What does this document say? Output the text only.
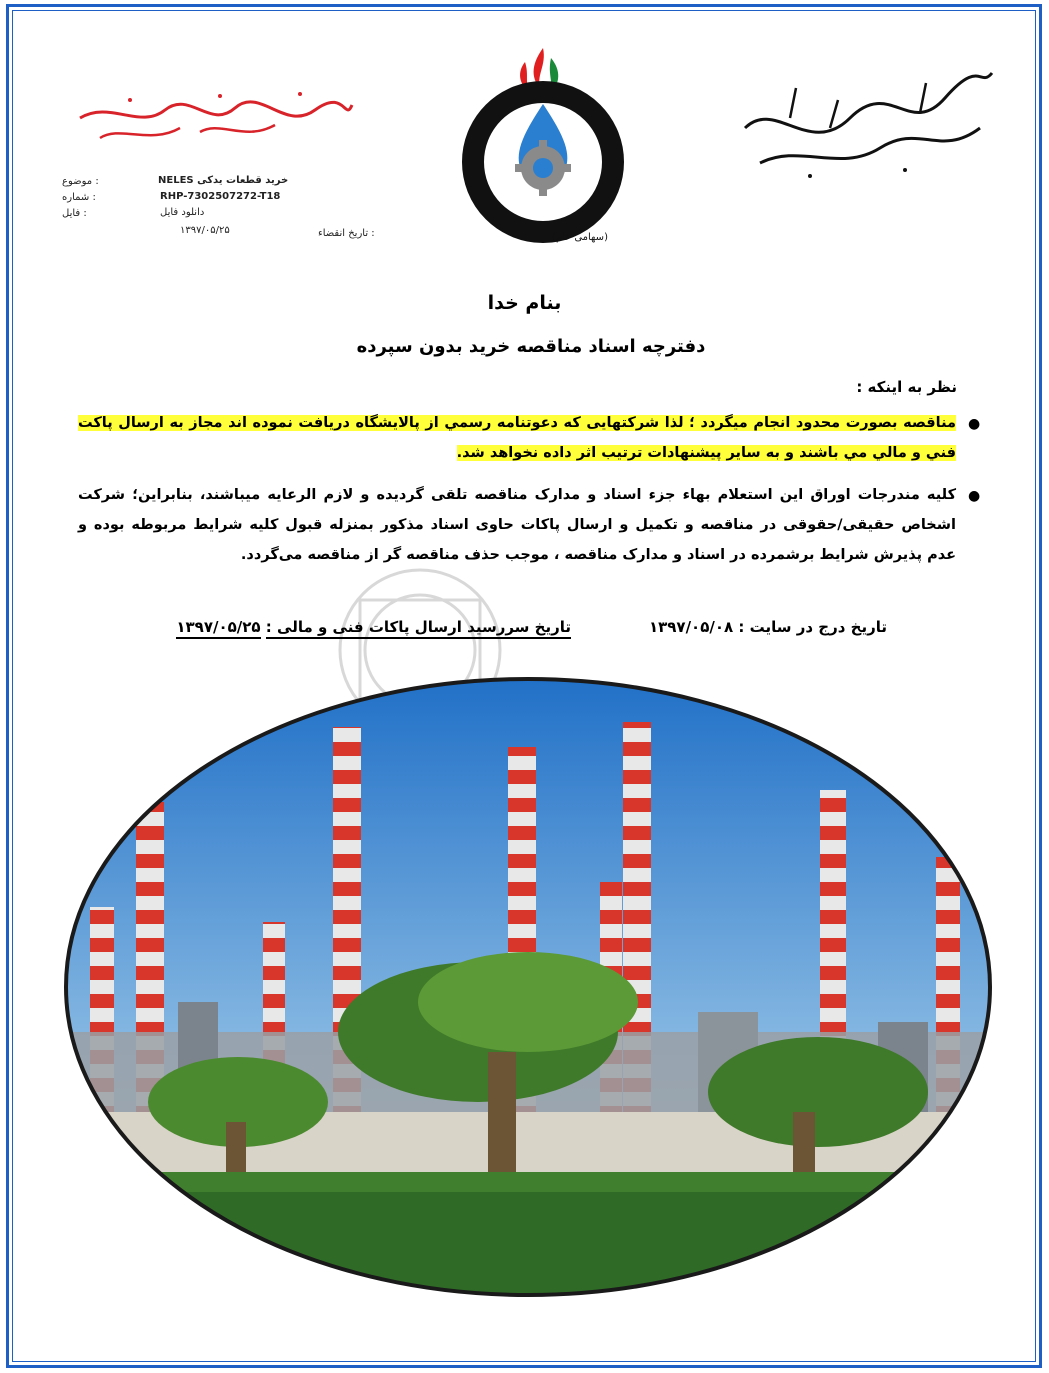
B.O.R.C
(سهامی عام)
موضوع :	NELES خرید قطعات یدکی
شماره :	RHP-7302507272-T18
فایل :	دانلود فایل
تاریخ انقضاء :
۱۳۹۷/۰۵/۲۵
بنام خدا
دفترچه اسناد مناقصه خرید بدون سپرده
نظر به اینکه :
●
مناقصه بصورت محدود انجام میگردد ؛ لذا شرکتهایی که دعوتنامه رسمي از پالايشگاه دریافت نموده اند مجاز به ارسال پاکت فني و مالي مي باشند و به سایر پیشنهادات ترتیب اثر داده نخواهد شد.
●
کلیه مندرجات اوراق این استعلام بهاء جزء اسناد و مدارک مناقصه تلقی گردیده و لازم الرعایه میباشند، بنابراین؛ شرکت اشخاص حقیقی/حقوقی در مناقصه و تکمیل و ارسال پاکات حاوی اسناد مذکور بمنزله قبول کلیه شرایط مربوطه بوده و عدم پذیرش شرایط برشمرده در اسناد و مدارک مناقصه ، موجب حذف مناقصه گر از مناقصه می‌گردد.
تاریخ درج در سایت : ۱۳۹۷/۰۵/۰۸
تاریخ سررسید ارسال پاکات فنی و مالی : ۱۳۹۷/۰۵/۲۵
